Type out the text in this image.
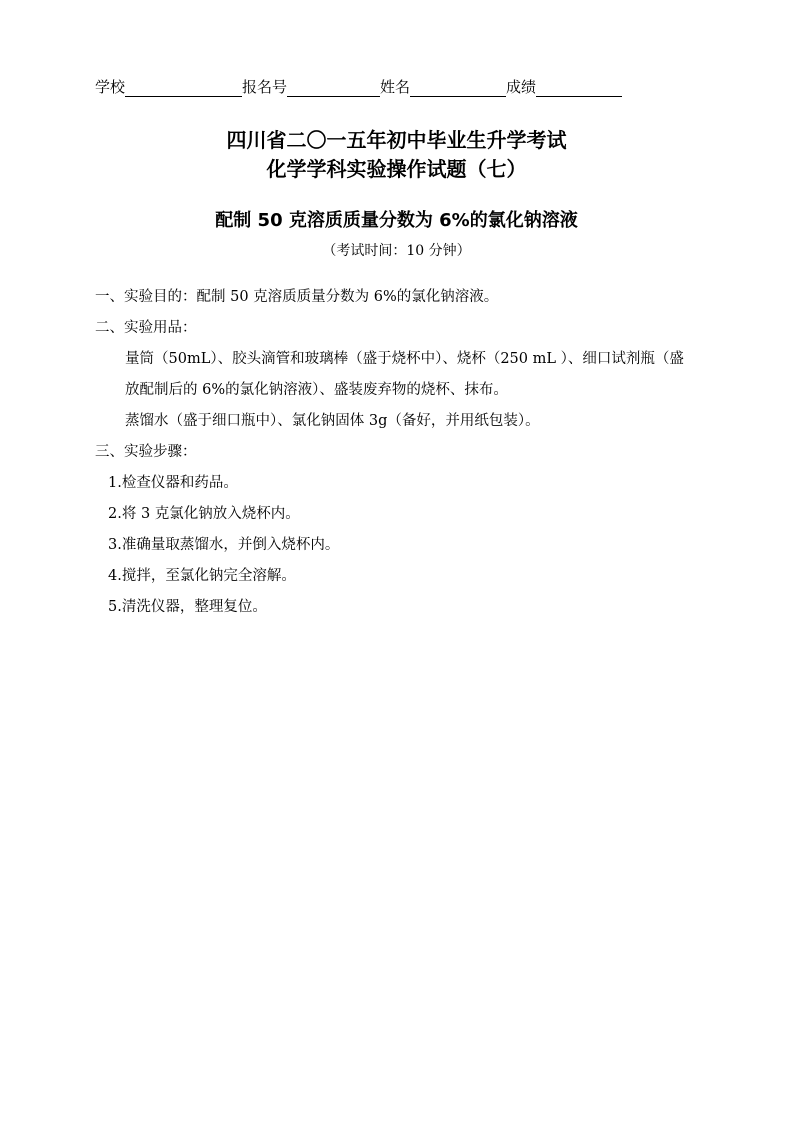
学校	报名号	姓名	成绩
四川省二〇一五年初中毕业生升学考试
化学学科实验操作试题（七）
配制 50 克溶质质量分数为 6%的氯化钠溶液
（考试时间：10 分钟）
一、实验目的：配制 50 克溶质质量分数为 6%的氯化钠溶液。
二、实验用品：
量筒（50mL）、胶头滴管和玻璃棒（盛于烧杯中）、烧杯（250 mL ）、细口试剂瓶（盛
放配制后的 6%的氯化钠溶液）、盛装废弃物的烧杯、抹布。
蒸馏水（盛于细口瓶中）、氯化钠固体 3g（备好，并用纸包装）。
三、实验步骤：
1.检查仪器和药品。
2.将 3 克氯化钠放入烧杯内。
3.准确量取蒸馏水，并倒入烧杯内。
4.搅拌，至氯化钠完全溶解。
5.清洗仪器，整理复位。
